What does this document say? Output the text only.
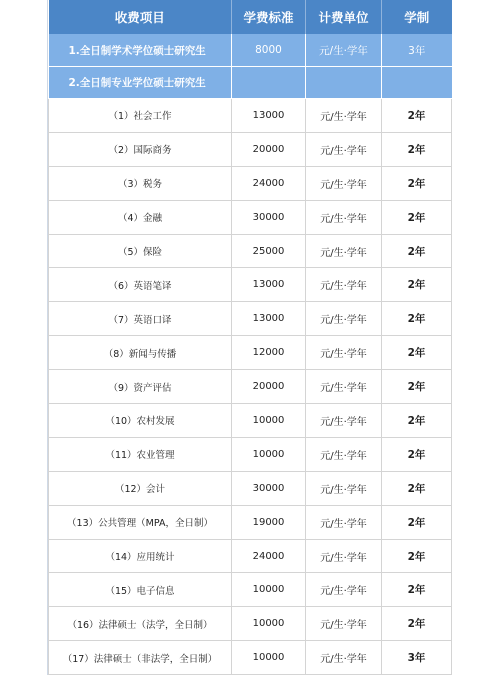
收费项目	学费标准	计费单位	学制
1.全日制学术学位硕士研究生	8000	元/生·学年	3年
2.全日制专业学位硕士研究生			
（1）社会工作	13000	元/生·学年	2年
（2）国际商务	20000	元/生·学年	2年
（3）税务	24000	元/生·学年	2年
（4）金融	30000	元/生·学年	2年
（5）保险	25000	元/生·学年	2年
（6）英语笔译	13000	元/生·学年	2年
（7）英语口译	13000	元/生·学年	2年
（8）新闻与传播	12000	元/生·学年	2年
（9）资产评估	20000	元/生·学年	2年
（10）农村发展	10000	元/生·学年	2年
（11）农业管理	10000	元/生·学年	2年
（12）会计	30000	元/生·学年	2年
（13）公共管理（MPA，全日制）	19000	元/生·学年	2年
（14）应用统计	24000	元/生·学年	2年
（15）电子信息	10000	元/生·学年	2年
（16）法律硕士（法学，全日制）	10000	元/生·学年	2年
（17）法律硕士（非法学，全日制）	10000	元/生·学年	3年
